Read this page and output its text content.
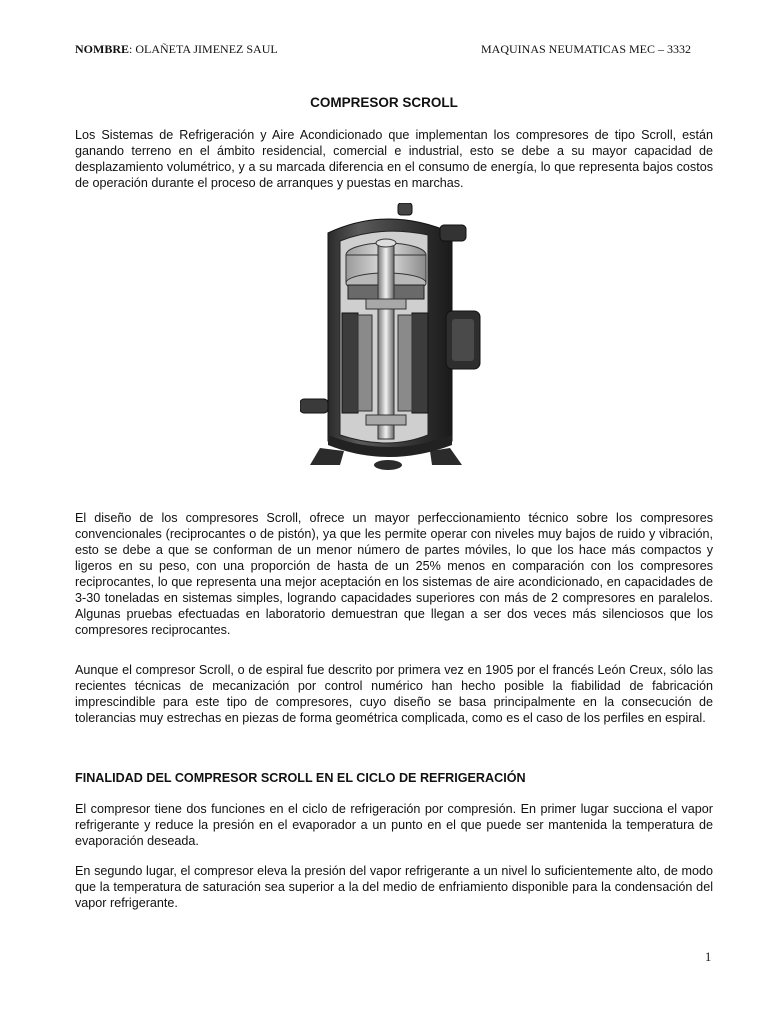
NOMBRE: OLAÑETA JIMENEZ SAUL	MAQUINAS NEUMATICAS MEC – 3332
COMPRESOR SCROLL

Los Sistemas de Refrigeración y Aire Acondicionado que implementan los compresores de tipo Scroll, están ganando terreno en el ámbito residencial, comercial e industrial, esto se debe a su mayor capacidad de desplazamiento volumétrico, y a su marcada diferencia en el consumo de energía, lo que representa bajos costos de operación durante el proceso de arranques y puestas en marchas.

El diseño de los compresores Scroll, ofrece un mayor perfeccionamiento técnico sobre los compresores convencionales (reciprocantes o de pistón), ya que les permite operar con niveles muy bajos de ruido y vibración, esto se debe a que se conforman de un menor número de partes móviles, lo que los hace más compactos y ligeros en su peso, con una proporción de hasta de un 25% menos en comparación con los compresores reciprocantes, lo que representa una mejor aceptación en los sistemas de aire acondicionado, en capacidades de 3-30 toneladas en sistemas simples, logrando capacidades superiores con más de 2 compresores en paralelos. Algunas pruebas efectuadas en laboratorio demuestran que llegan a ser dos veces más silenciosos que los compresores reciprocantes.

Aunque el compresor Scroll, o de espiral fue descrito por primera vez en 1905 por el francés León Creux, sólo las recientes técnicas de mecanización por control numérico han hecho posible la fiabilidad de fabricación imprescindible para este tipo de compresores, cuyo diseño se basa principalmente en la consecución de tolerancias muy estrechas en piezas de forma geométrica complicada, como es el caso de los perfiles en espiral.

FINALIDAD DEL COMPRESOR SCROLL EN EL CICLO DE REFRIGERACIÓN

El compresor tiene dos funciones en el ciclo de refrigeración por compresión. En primer lugar succiona el vapor refrigerante y reduce la presión en el evaporador a un punto en el que puede ser mantenida la temperatura de evaporación deseada.

En segundo lugar, el compresor eleva la presión del vapor refrigerante a un nivel lo suficientemente alto, de modo que la temperatura de saturación sea superior a la del medio de enfriamiento disponible para la condensación del vapor refrigerante.

1
